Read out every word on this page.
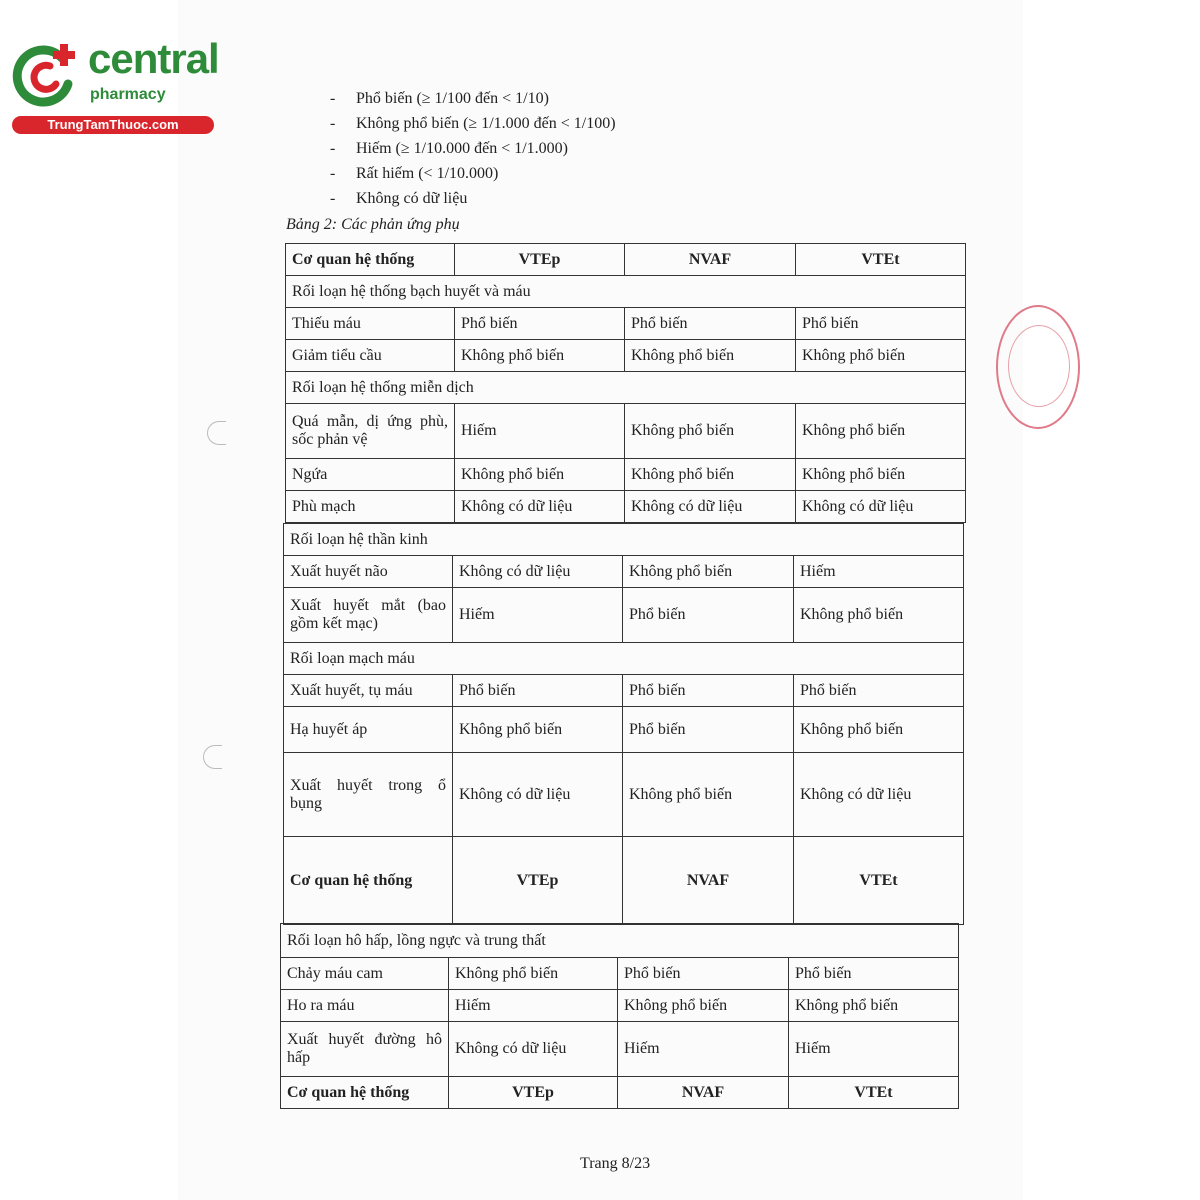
central
pharmacy
TrungTamThuoc.com
-	Phổ biến (≥ 1/100 đến < 1/10)
-	Không phổ biến (≥ 1/1.000 đến < 1/100)
-	Hiếm (≥ 1/10.000 đến < 1/1.000)
-	Rất hiếm (< 1/10.000)
-	Không có dữ liệu
Bảng 2: Các phản ứng phụ
Cơ quan hệ thống	VTEp	NVAF	VTEt
Rối loạn hệ thống bạch huyết và máu			
Thiếu máu	Phổ biến	Phổ biến	Phổ biến
Giảm tiểu cầu	Không phổ biến	Không phổ biến	Không phổ biến
Rối loạn hệ thống miễn dịch			
Quá mẫn, dị ứng phù, sốc phản vệ	Hiếm	Không phổ biến	Không phổ biến
Ngứa	Không phổ biến	Không phổ biến	Không phổ biến
Phù mạch	Không có dữ liệu	Không có dữ liệu	Không có dữ liệu
Rối loạn hệ thần kinh			
Xuất huyết não	Không có dữ liệu	Không phổ biến	Hiếm
Xuất huyết mắt (bao gồm kết mạc)	Hiếm	Phổ biến	Không phổ biến
Rối loạn mạch máu			
Xuất huyết, tụ máu	Phổ biến	Phổ biến	Phổ biến
Hạ huyết áp	Không phổ biến	Phổ biến	Không phổ biến
Xuất huyết trong ổ bụng	Không có dữ liệu	Không phổ biến	Không có dữ liệu
Cơ quan hệ thống	VTEp	NVAF	VTEt
Rối loạn hô hấp, lồng ngực và trung thất			
Chảy máu cam	Không phổ biến	Phổ biến	Phổ biến
Ho ra máu	Hiếm	Không phổ biến	Không phổ biến
Xuất huyết đường hô hấp	Không có dữ liệu	Hiếm	Hiếm
Cơ quan hệ thống	VTEp	NVAF	VTEt
Trang 8/23
